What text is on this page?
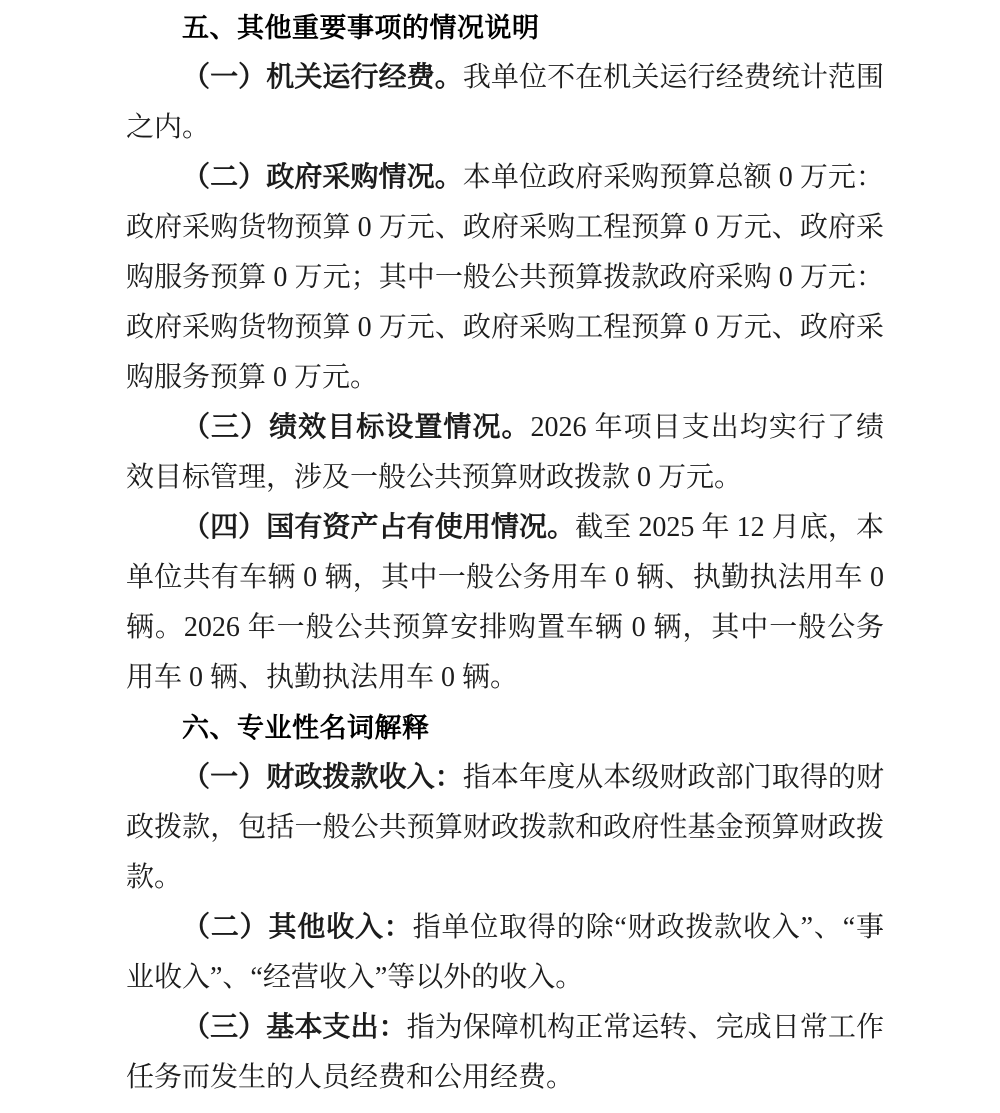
五、其他重要事项的情况说明

（一）机关运行经费。我单位不在机关运行经费统计范围之内。

（二）政府采购情况。本单位政府采购预算总额 0 万元：政府采购货物预算 0 万元、政府采购工程预算 0 万元、政府采购服务预算 0 万元；其中一般公共预算拨款政府采购 0 万元：政府采购货物预算 0 万元、政府采购工程预算 0 万元、政府采购服务预算 0 万元。

（三）绩效目标设置情况。2026 年项目支出均实行了绩效目标管理，涉及一般公共预算财政拨款 0 万元。

（四）国有资产占有使用情况。截至 2025 年 12 月底，本单位共有车辆 0 辆，其中一般公务用车 0 辆、执勤执法用车 0 辆。2026 年一般公共预算安排购置车辆 0 辆，其中一般公务用车 0 辆、执勤执法用车 0 辆。

六、专业性名词解释

（一）财政拨款收入：指本年度从本级财政部门取得的财政拨款，包括一般公共预算财政拨款和政府性基金预算财政拨款。

（二）其他收入：指单位取得的除“财政拨款收入”、“事业收入”、“经营收入”等以外的收入。

（三）基本支出：指为保障机构正常运转、完成日常工作任务而发生的人员经费和公用经费。
